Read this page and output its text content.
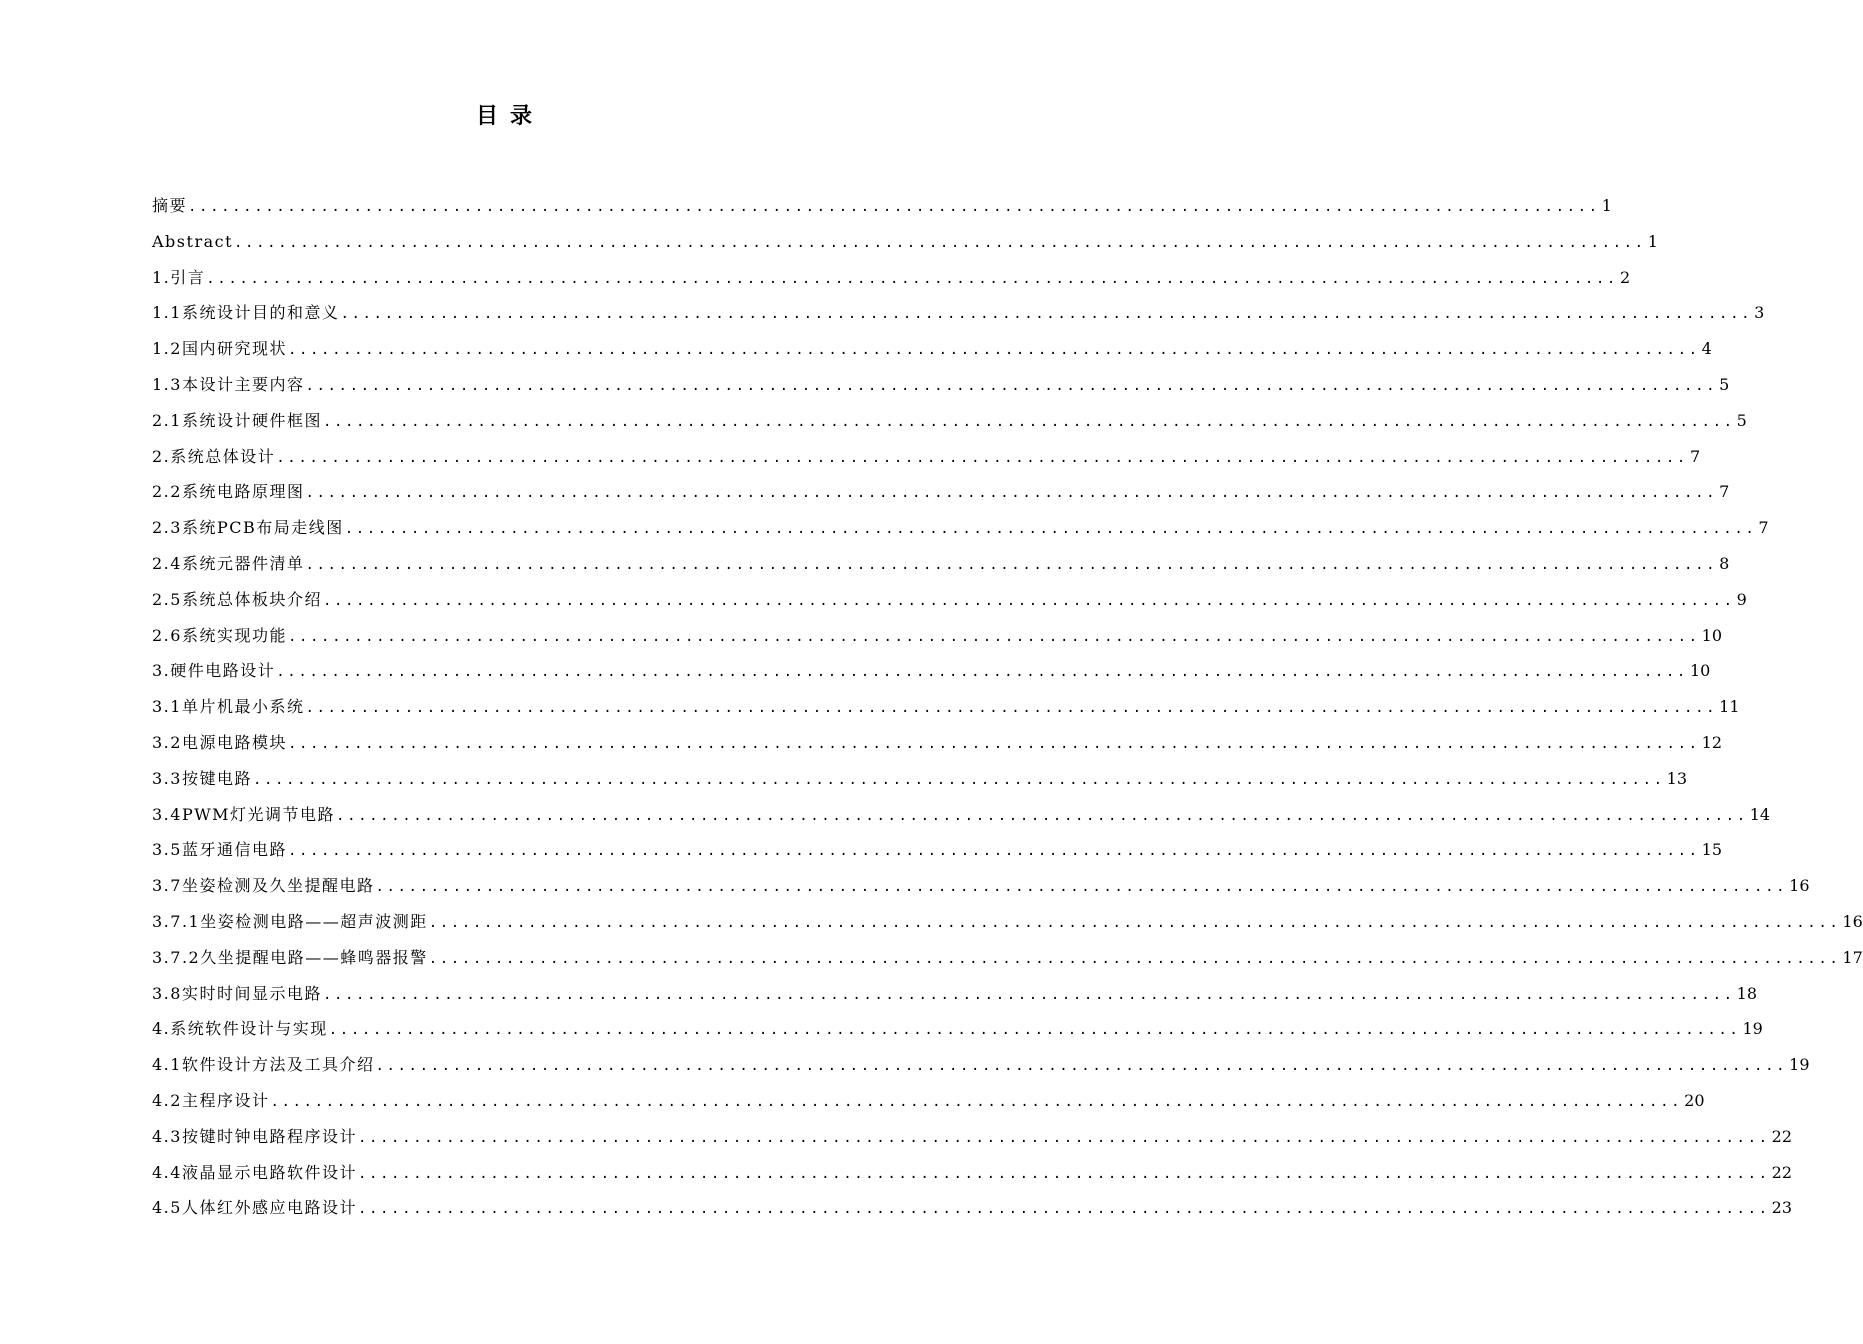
目录
摘要 ................................................................................................................................ 1
Abstract ................................................................................................................................ 1
1.引言 ................................................................................................................................ 2
1.1系统设计目的和意义 ................................................................................................................................ 3
1.2国内研究现状 ................................................................................................................................ 4
1.3本设计主要内容 ................................................................................................................................ 5
2.1系统设计硬件框图 ................................................................................................................................ 5
2.系统总体设计 ................................................................................................................................ 7
2.2系统电路原理图 ................................................................................................................................ 7
2.3系统PCB布局走线图 ................................................................................................................................ 7
2.4系统元器件清单 ................................................................................................................................ 8
2.5系统总体板块介绍 ................................................................................................................................ 9
2.6系统实现功能 ................................................................................................................................ 10
3.硬件电路设计 ................................................................................................................................ 10
3.1单片机最小系统 ................................................................................................................................ 11
3.2电源电路模块 ................................................................................................................................ 12
3.3按键电路 ................................................................................................................................ 13
3.4PWM灯光调节电路 ................................................................................................................................ 14
3.5蓝牙通信电路 ................................................................................................................................ 15
3.7坐姿检测及久坐提醒电路 ................................................................................................................................ 16
3.7.1坐姿检测电路——超声波测距 ................................................................................................................................ 16
3.7.2久坐提醒电路——蜂鸣器报警 ................................................................................................................................ 17
3.8实时时间显示电路 ................................................................................................................................ 18
4.系统软件设计与实现 ................................................................................................................................ 19
4.1软件设计方法及工具介绍 ................................................................................................................................ 19
4.2主程序设计 ................................................................................................................................ 20
4.3按键时钟电路程序设计 ................................................................................................................................ 22
4.4液晶显示电路软件设计 ................................................................................................................................ 22
4.5人体红外感应电路设计 ................................................................................................................................ 23
